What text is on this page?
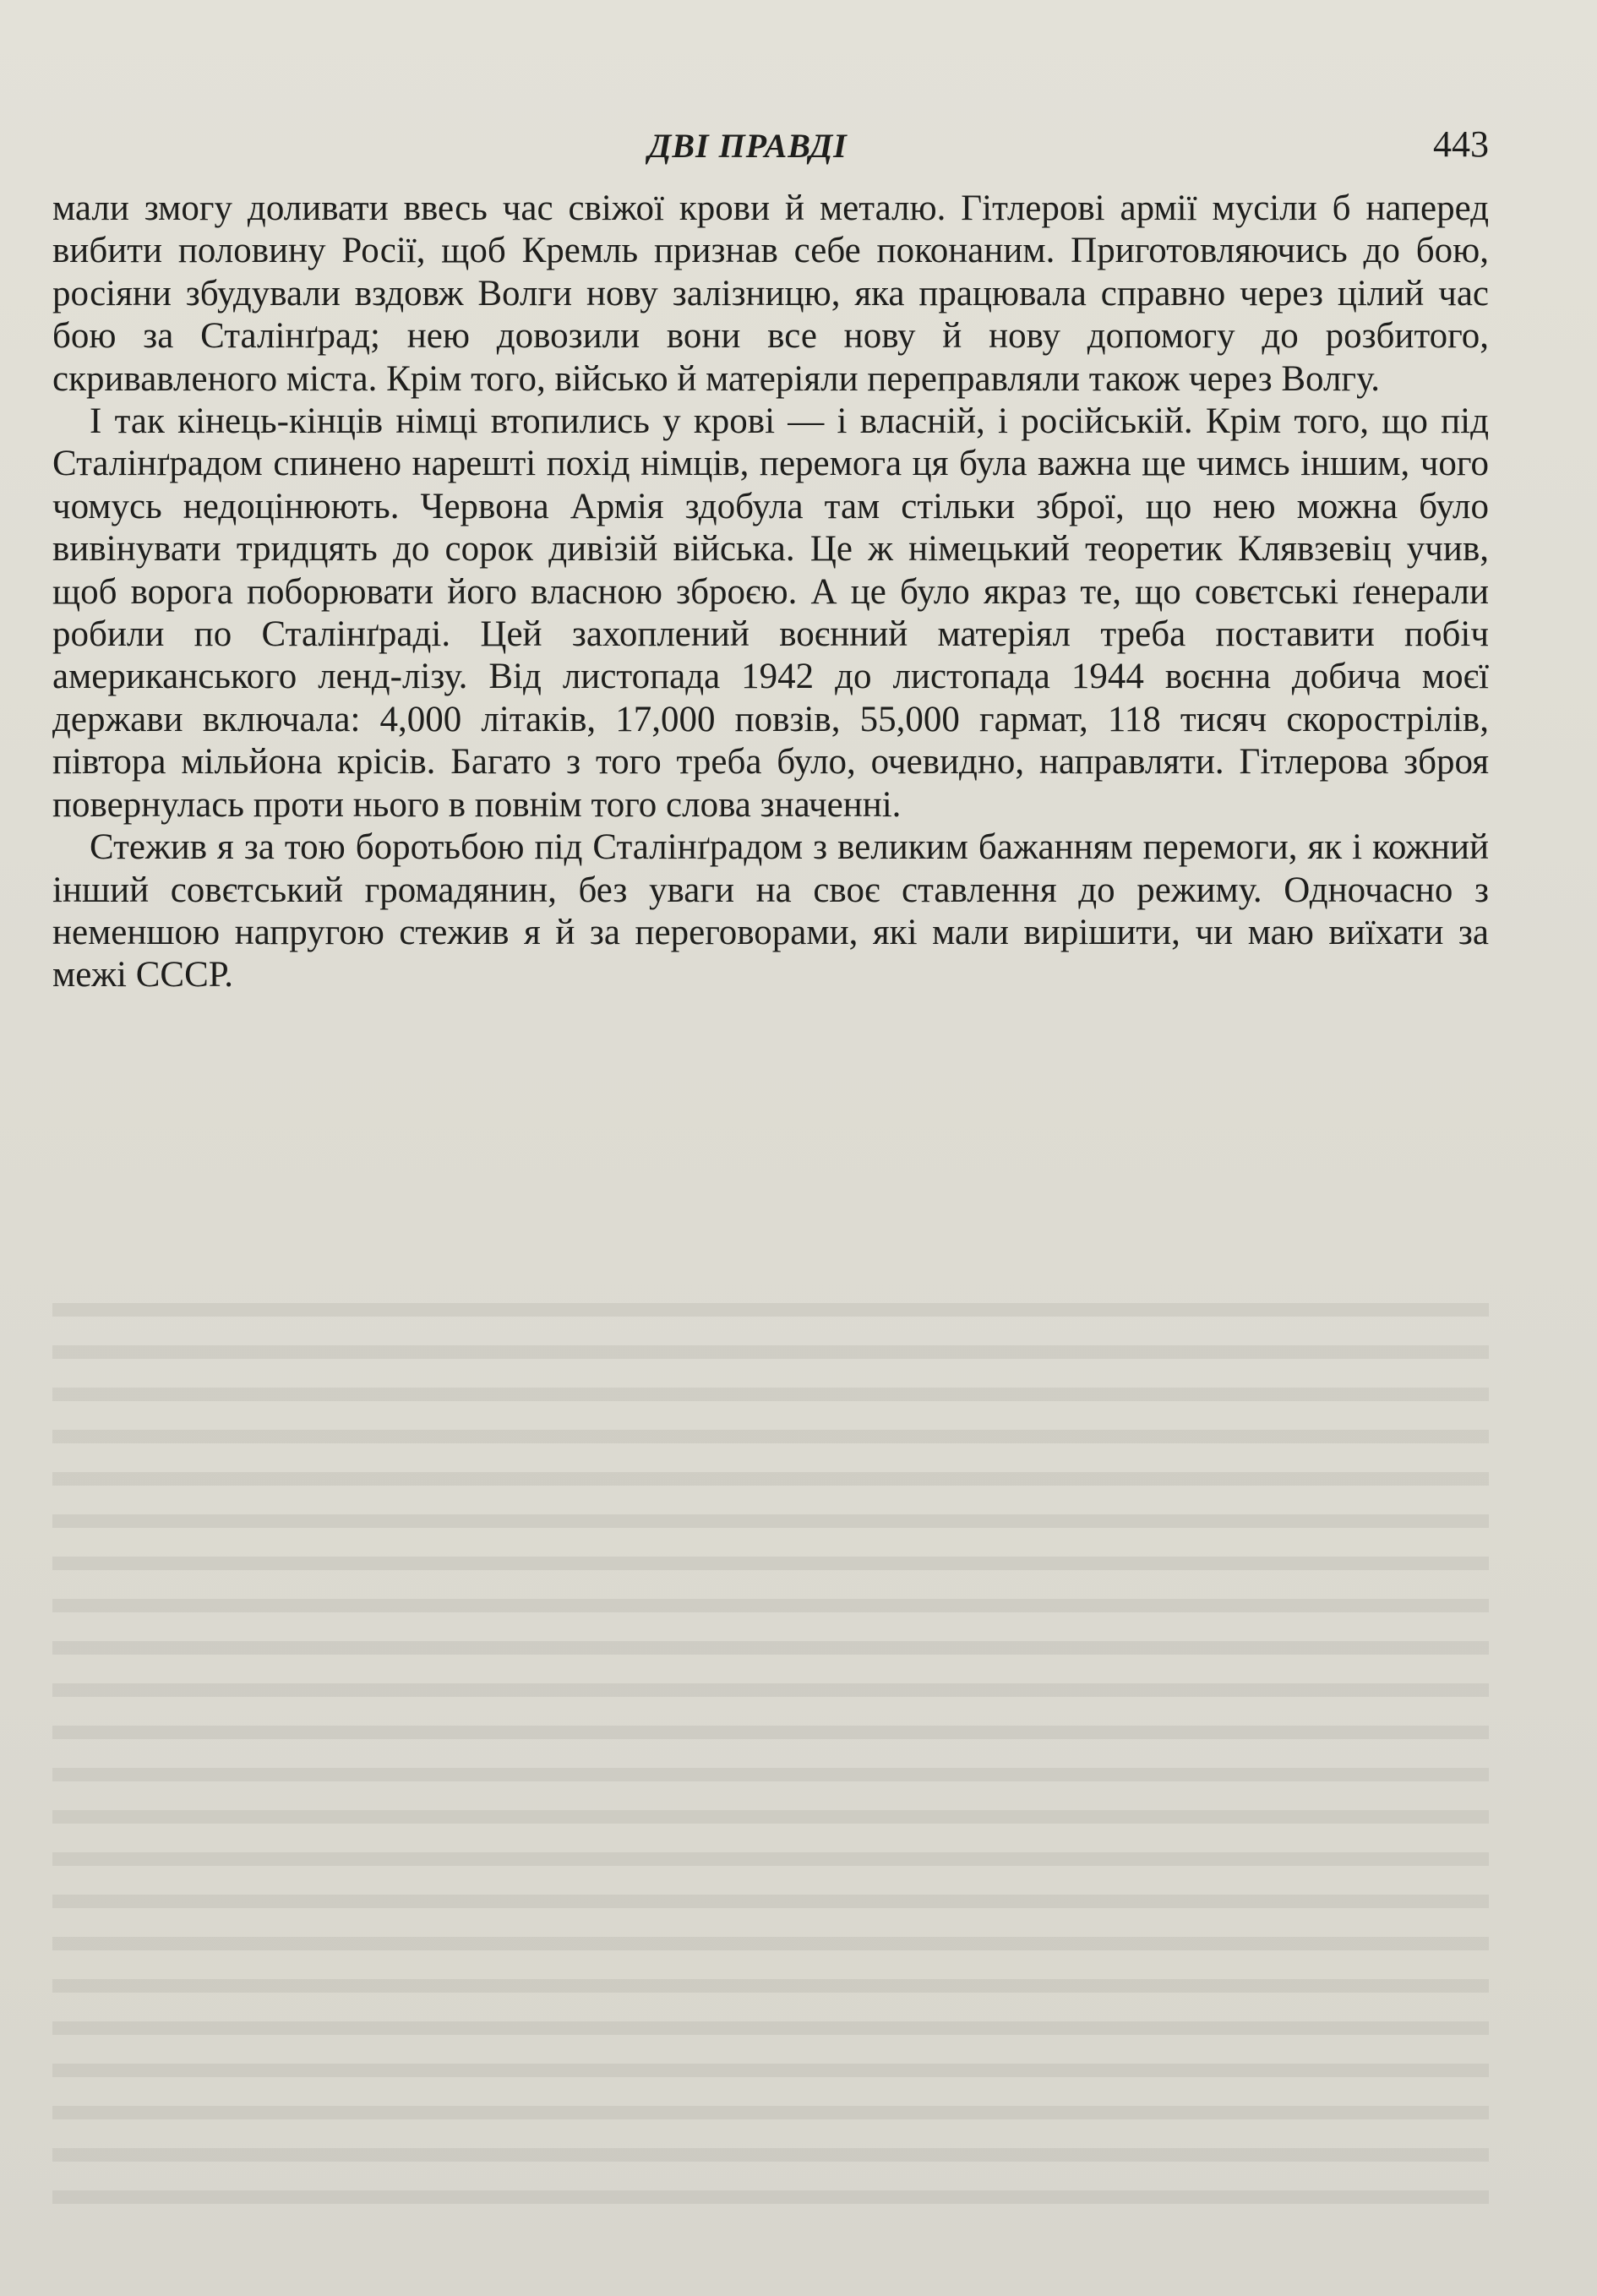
ДВІ ПРАВДІ	443

мали змогу доливати ввесь час свіжої крови й металю. Гітлерові армії мусіли б наперед вибити половину Росії, щоб Кремль признав себе поконаним. Приготовляючись до бою, росіяни збудували вздовж Волги нову залізницю, яка працювала справно через цілий час бою за Сталінґрад; нею довозили вони все нову й нову допомогу до розбитого, скривавленого міста. Крім того, військо й матеріяли переправляли також через Волгу.

І так кінець-кінців німці втопились у крові — і власній, і російській. Крім того, що під Сталінґрадом спинено нарешті похід німців, перемога ця була важна ще чимсь іншим, чого чомусь недоцінюють. Червона Армія здобула там стільки зброї, що нею можна було вивінувати тридцять до сорок дивізій війська. Це ж німецький теоретик Клявзевіц учив, щоб ворога поборювати його власною зброєю. А це було якраз те, що совєтські ґенерали робили по Сталінґраді. Цей захоплений воєнний матеріял треба поставити побіч американського ленд-лізу. Від листопада 1942 до листопада 1944 воєнна добича моєї держави включала: 4,000 літаків, 17,000 повзів, 55,000 гармат, 118 тисяч скорострілів, півтора мільйона крісів. Багато з того треба було, очевидно, направляти. Гітлерова зброя повернулась проти нього в повнім того слова значенні.

Стежив я за тою боротьбою під Сталінґрадом з великим бажанням перемоги, як і кожний інший совєтський громадянин, без уваги на своє ставлення до режиму. Одночасно з неменшою напругою стежив я й за переговорами, які мали вирішити, чи маю виїхати за межі СССР.
